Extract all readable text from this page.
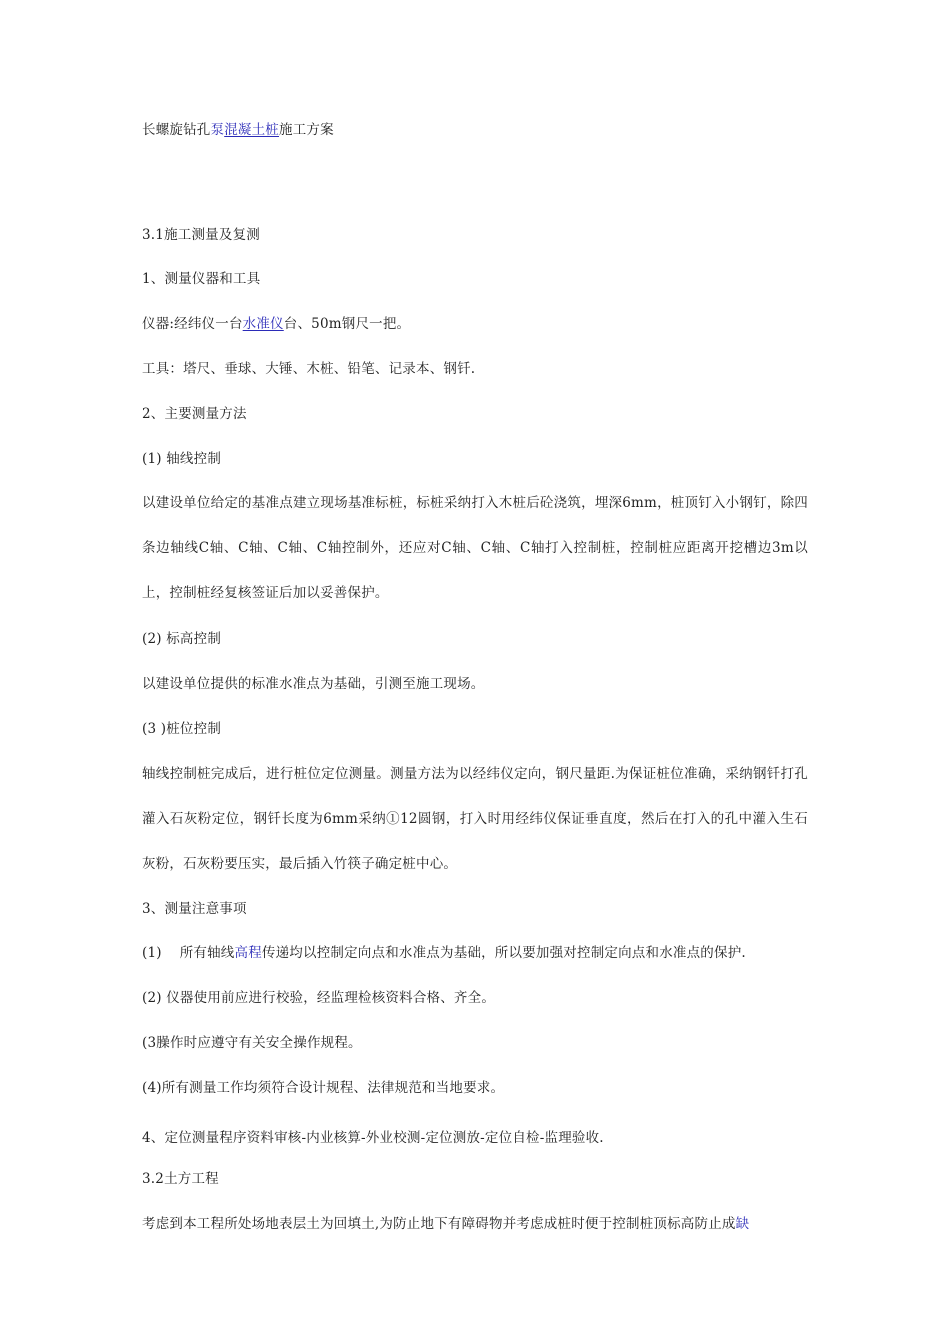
长螺旋钻孔泵混凝土桩施工方案
3.1施工测量及复测
1、测量仪器和工具
仪器:经纬仪一台水准仪台、50m钢尺一把。
工具：塔尺、垂球、大锤、木桩、铅笔、记录本、钢钎.
2、主要测量方法
(1) 轴线控制
以建设单位给定的基准点建立现场基准标桩，标桩采纳打入木桩后砼浇筑，埋深6mm，桩顶钉入小钢钉，除四条边轴线C轴、C轴、C轴、C轴控制外，还应对C轴、C轴、C轴打入控制桩，控制桩应距离开挖槽边3m以上，控制桩经复核签证后加以妥善保护。
(2) 标高控制
以建设单位提供的标准水准点为基础，引测至施工现场。
(3 )桩位控制
轴线控制桩完成后，进行桩位定位测量。测量方法为以经纬仪定向，钢尺量距.为保证桩位准确，采纳钢钎打孔灌入石灰粉定位，钢钎长度为6mm采纳①12圆钢，打入时用经纬仪保证垂直度，然后在打入的孔中灌入生石灰粉，石灰粉要压实，最后插入竹筷子确定桩中心。
3、测量注意事项
(1)    所有轴线高程传递均以控制定向点和水准点为基础，所以要加强对控制定向点和水准点的保护.
(2) 仪器使用前应进行校验，经监理检核资料合格、齐全。
(3臊作时应遵守有关安全操作规程。
(4)所有测量工作均须符合设计规程、法律规范和当地要求。
4、定位测量程序资料审核-内业核算-外业校测-定位测放-定位自检-监理验收.
3.2土方工程
考虑到本工程所处场地表层土为回填土,为防止地下有障碍物并考虑成桩时便于控制桩顶标高防止成缺
